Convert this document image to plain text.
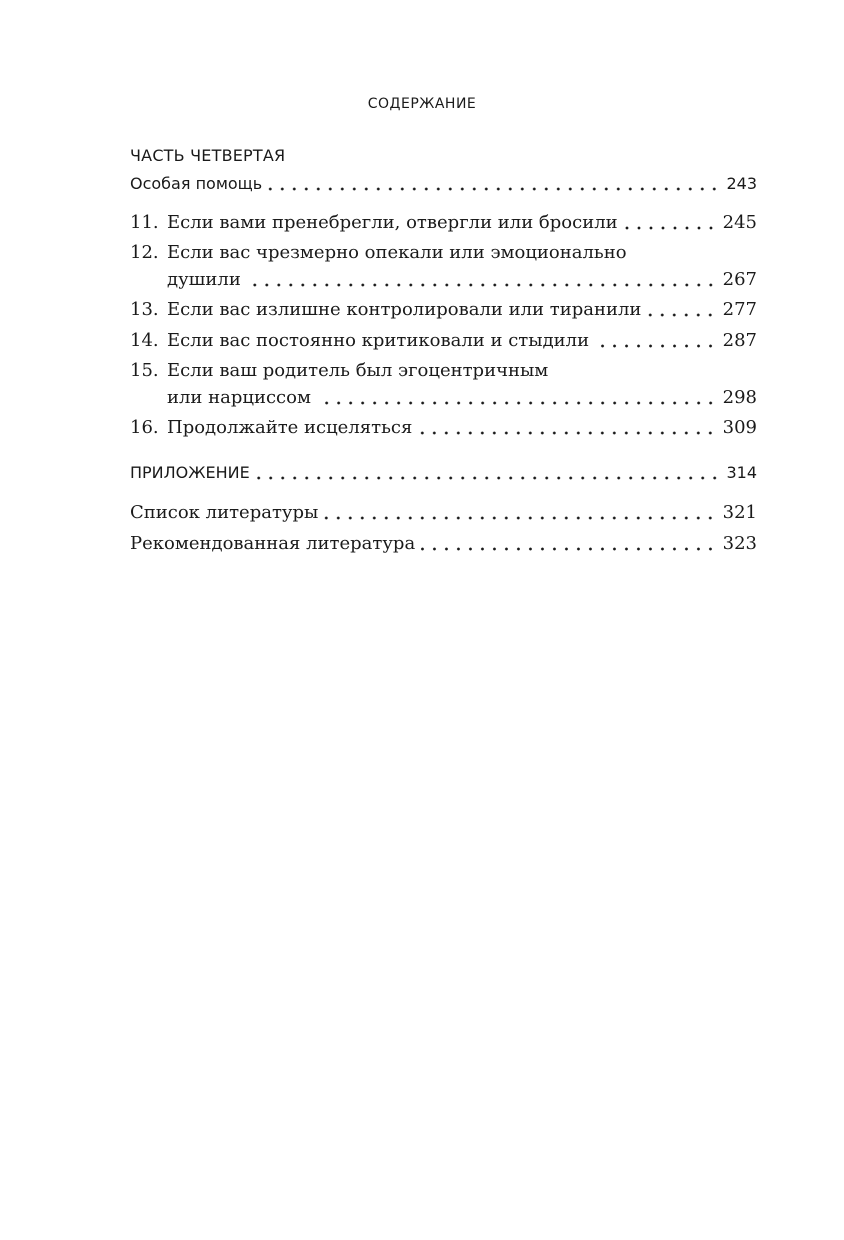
СОДЕРЖАНИЕ
ЧАСТЬ ЧЕТВЕРТАЯ
Особая помощь	243
11. Если вами пренебрегли, отвергли или бросили	245
12. Если вас чрезмерно опекали или эмоционально
душили	267
13. Если вас излишне контролировали или тиранили	277
14. Если вас постоянно критиковали и стыдили	287
15. Если ваш родитель был эгоцентричным
или нарциссом	298
16. Продолжайте исцеляться	309
ПРИЛОЖЕНИЕ	314
Список литературы	321
Рекомендованная литература	323
